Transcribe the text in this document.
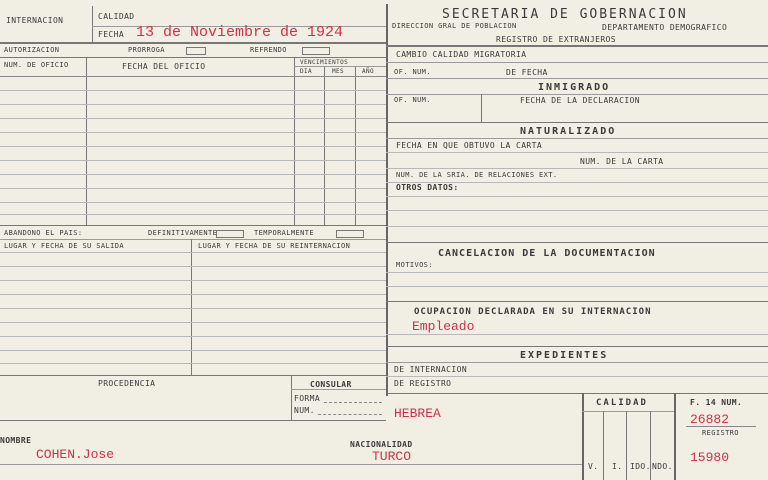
INTERNACION	CALIDAD
FECHA 13 de Noviembre de 1924
SECRETARIA DE GOBERNACION
DIRECCION GRAL DE POBLACION	DEPARTAMENTO DEMOGRAFICO
REGISTRO DE EXTRANJEROS
AUTORIZACION	PRORROGA	REFRENDO
NUM. DE OFICIO	FECHA DEL OFICIO	VENCIMIENTOS
DIA	MES	AÑO
ABANDONO EL PAIS:	DEFINITIVAMENTE	TEMPORALMENTE
LUGAR Y FECHA DE SU SALIDA	LUGAR Y FECHA DE SU REINTERNACION
PROCEDENCIA	CONSULAR
FORMA
NUM.
CAMBIO CALIDAD MIGRATORIA
OF. NUM.	DE FECHA
INMIGRADO
OF. NUM.	FECHA DE LA DECLARACION
NATURALIZADO
FECHA EN QUE OBTUVO LA CARTA
NUM. DE LA CARTA
NUM. DE LA SRIA. DE RELACIONES EXT.
OTROS DATOS:
CANCELACION DE LA DOCUMENTACION
MOTIVOS:
OCUPACION DECLARADA EN SU INTERNACION
Empleado
EXPEDIENTES
DE INTERNACION
DE REGISTRO
HEBREA
CALIDAD
V. I. IDO. NDO.
F. 14 NUM.
26882
REGISTRO
15980
NOMBRE
COHEN.Jose
NACIONALIDAD
TURCO
